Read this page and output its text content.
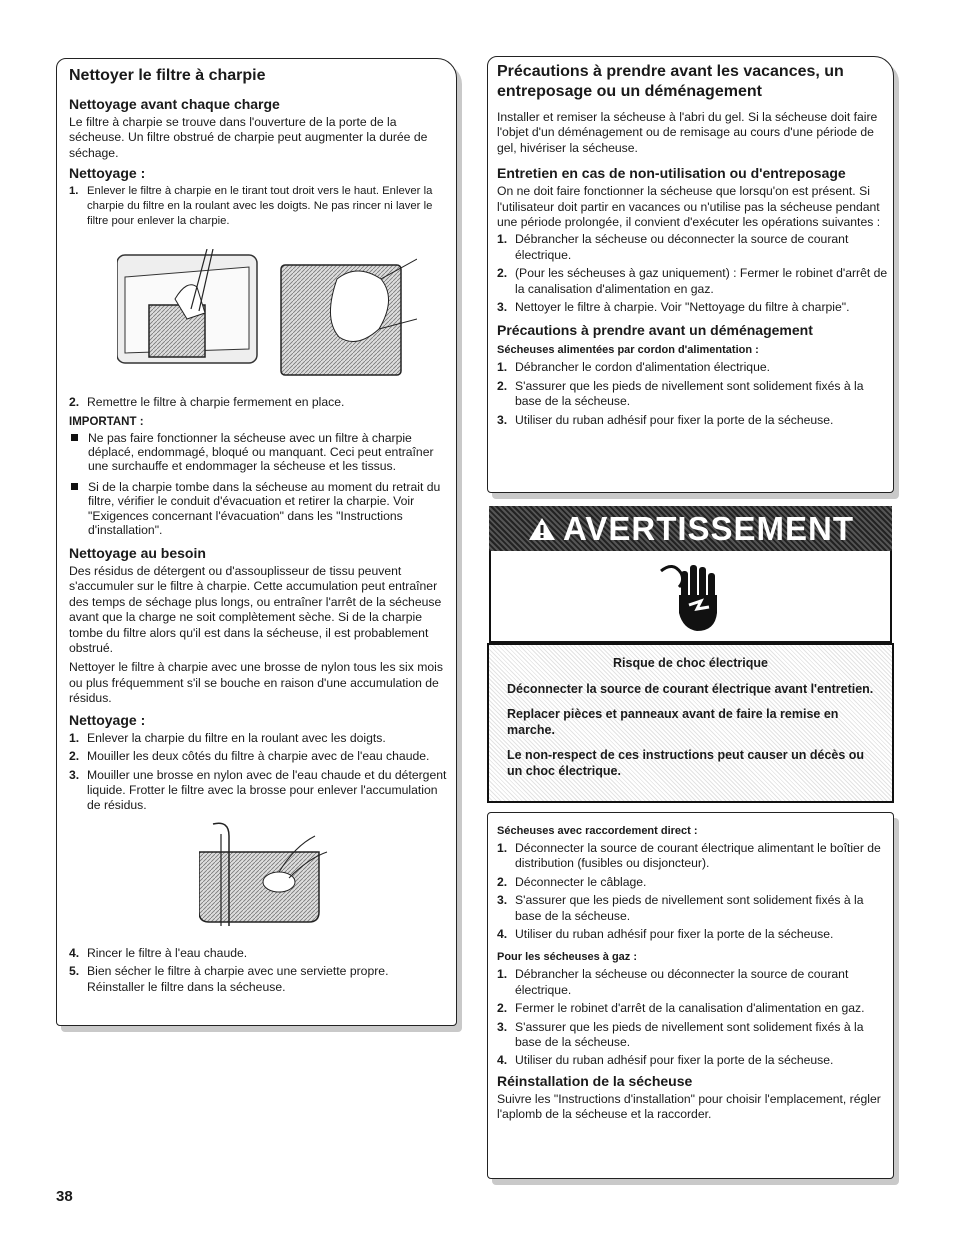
Nettoyer le filtre à charpie
Nettoyage avant chaque charge

Le filtre à charpie se trouve dans l'ouverture de la porte de la sécheuse. Un filtre obstrué de charpie peut augmenter la durée de séchage.

Nettoyage :
1. Enlever le filtre à charpie en le tirant tout droit vers le haut. Enlever la charpie du filtre en la roulant avec les doigts. Ne pas rincer ni laver le filtre pour enlever la charpie.
2. Remettre le filtre à charpie fermement en place.
IMPORTANT :
Ne pas faire fonctionner la sécheuse avec un filtre à charpie déplacé, endommagé, bloqué ou manquant. Ceci peut entraîner une surchauffe et endommager la sécheuse et les tissus.
Si de la charpie tombe dans la sécheuse au moment du retrait du filtre, vérifier le conduit d'évacuation et retirer la charpie. Voir "Exigences concernant l'évacuation" dans les "Instructions d'installation".
Nettoyage au besoin

Des résidus de détergent ou d'assouplisseur de tissu peuvent s'accumuler sur le filtre à charpie. Cette accumulation peut entraîner des temps de séchage plus longs, ou entraîner l'arrêt de la sécheuse avant que la charge ne soit complètement sèche. Si de la charpie tombe du filtre alors qu'il est dans la sécheuse, il est probablement obstrué.

Nettoyer le filtre à charpie avec une brosse de nylon tous les six mois ou plus fréquemment s'il se bouche en raison d'une accumulation de résidus.

Nettoyage :
1. Enlever la charpie du filtre en la roulant avec les doigts.
2. Mouiller les deux côtés du filtre à charpie avec de l'eau chaude.
3. Mouiller une brosse en nylon avec de l'eau chaude et du détergent liquide. Frotter le filtre avec la brosse pour enlever l'accumulation de résidus.
4. Rincer le filtre à l'eau chaude.
5. Bien sécher le filtre à charpie avec une serviette propre. Réinstaller le filtre dans la sécheuse.
Précautions à prendre avant les vacances, un entreposage ou un déménagement

Installer et remiser la sécheuse à l'abri du gel. Si la sécheuse doit faire l'objet d'un déménagement ou de remisage au cours d'une période de gel, hivériser la sécheuse.

Entretien en cas de non-utilisation ou d'entreposage

On ne doit faire fonctionner la sécheuse que lorsqu'on est présent. Si l'utilisateur doit partir en vacances ou n'utilise pas la sécheuse pendant une période prolongée, il convient d'exécuter les opérations suivantes :

1. Débrancher la sécheuse ou déconnecter la source de courant électrique.
2. (Pour les sécheuses à gaz uniquement) : Fermer le robinet d'arrêt de la canalisation d'alimentation en gaz.
3. Nettoyer le filtre à charpie. Voir "Nettoyage du filtre à charpie".
Précautions à prendre avant un déménagement
Sécheuses alimentées par cordon d'alimentation :
1. Débrancher le cordon d'alimentation électrique.
2. S'assurer que les pieds de nivellement sont solidement fixés à la base de la sécheuse.
3. Utiliser du ruban adhésif pour fixer la porte de la sécheuse.
AVERTISSEMENT
Risque de choc électrique
Déconnecter la source de courant électrique avant l'entretien.
Replacer pièces et panneaux avant de faire la remise en marche.
Le non-respect de ces instructions peut causer un décès ou un choc électrique.
Sécheuses avec raccordement direct :
1. Déconnecter la source de courant électrique alimentant le boîtier de distribution (fusibles ou disjoncteur).
2. Déconnecter le câblage.
3. S'assurer que les pieds de nivellement sont solidement fixés à la base de la sécheuse.
4. Utiliser du ruban adhésif pour fixer la porte de la sécheuse.
Pour les sécheuses à gaz :
1. Débrancher la sécheuse ou déconnecter la source de courant électrique.
2. Fermer le robinet d'arrêt de la canalisation d'alimentation en gaz.
3. S'assurer que les pieds de nivellement sont solidement fixés à la base de la sécheuse.
4. Utiliser du ruban adhésif pour fixer la porte de la sécheuse.
Réinstallation de la sécheuse

Suivre les "Instructions d'installation" pour choisir l'emplacement, régler l'aplomb de la sécheuse et la raccorder.

38
